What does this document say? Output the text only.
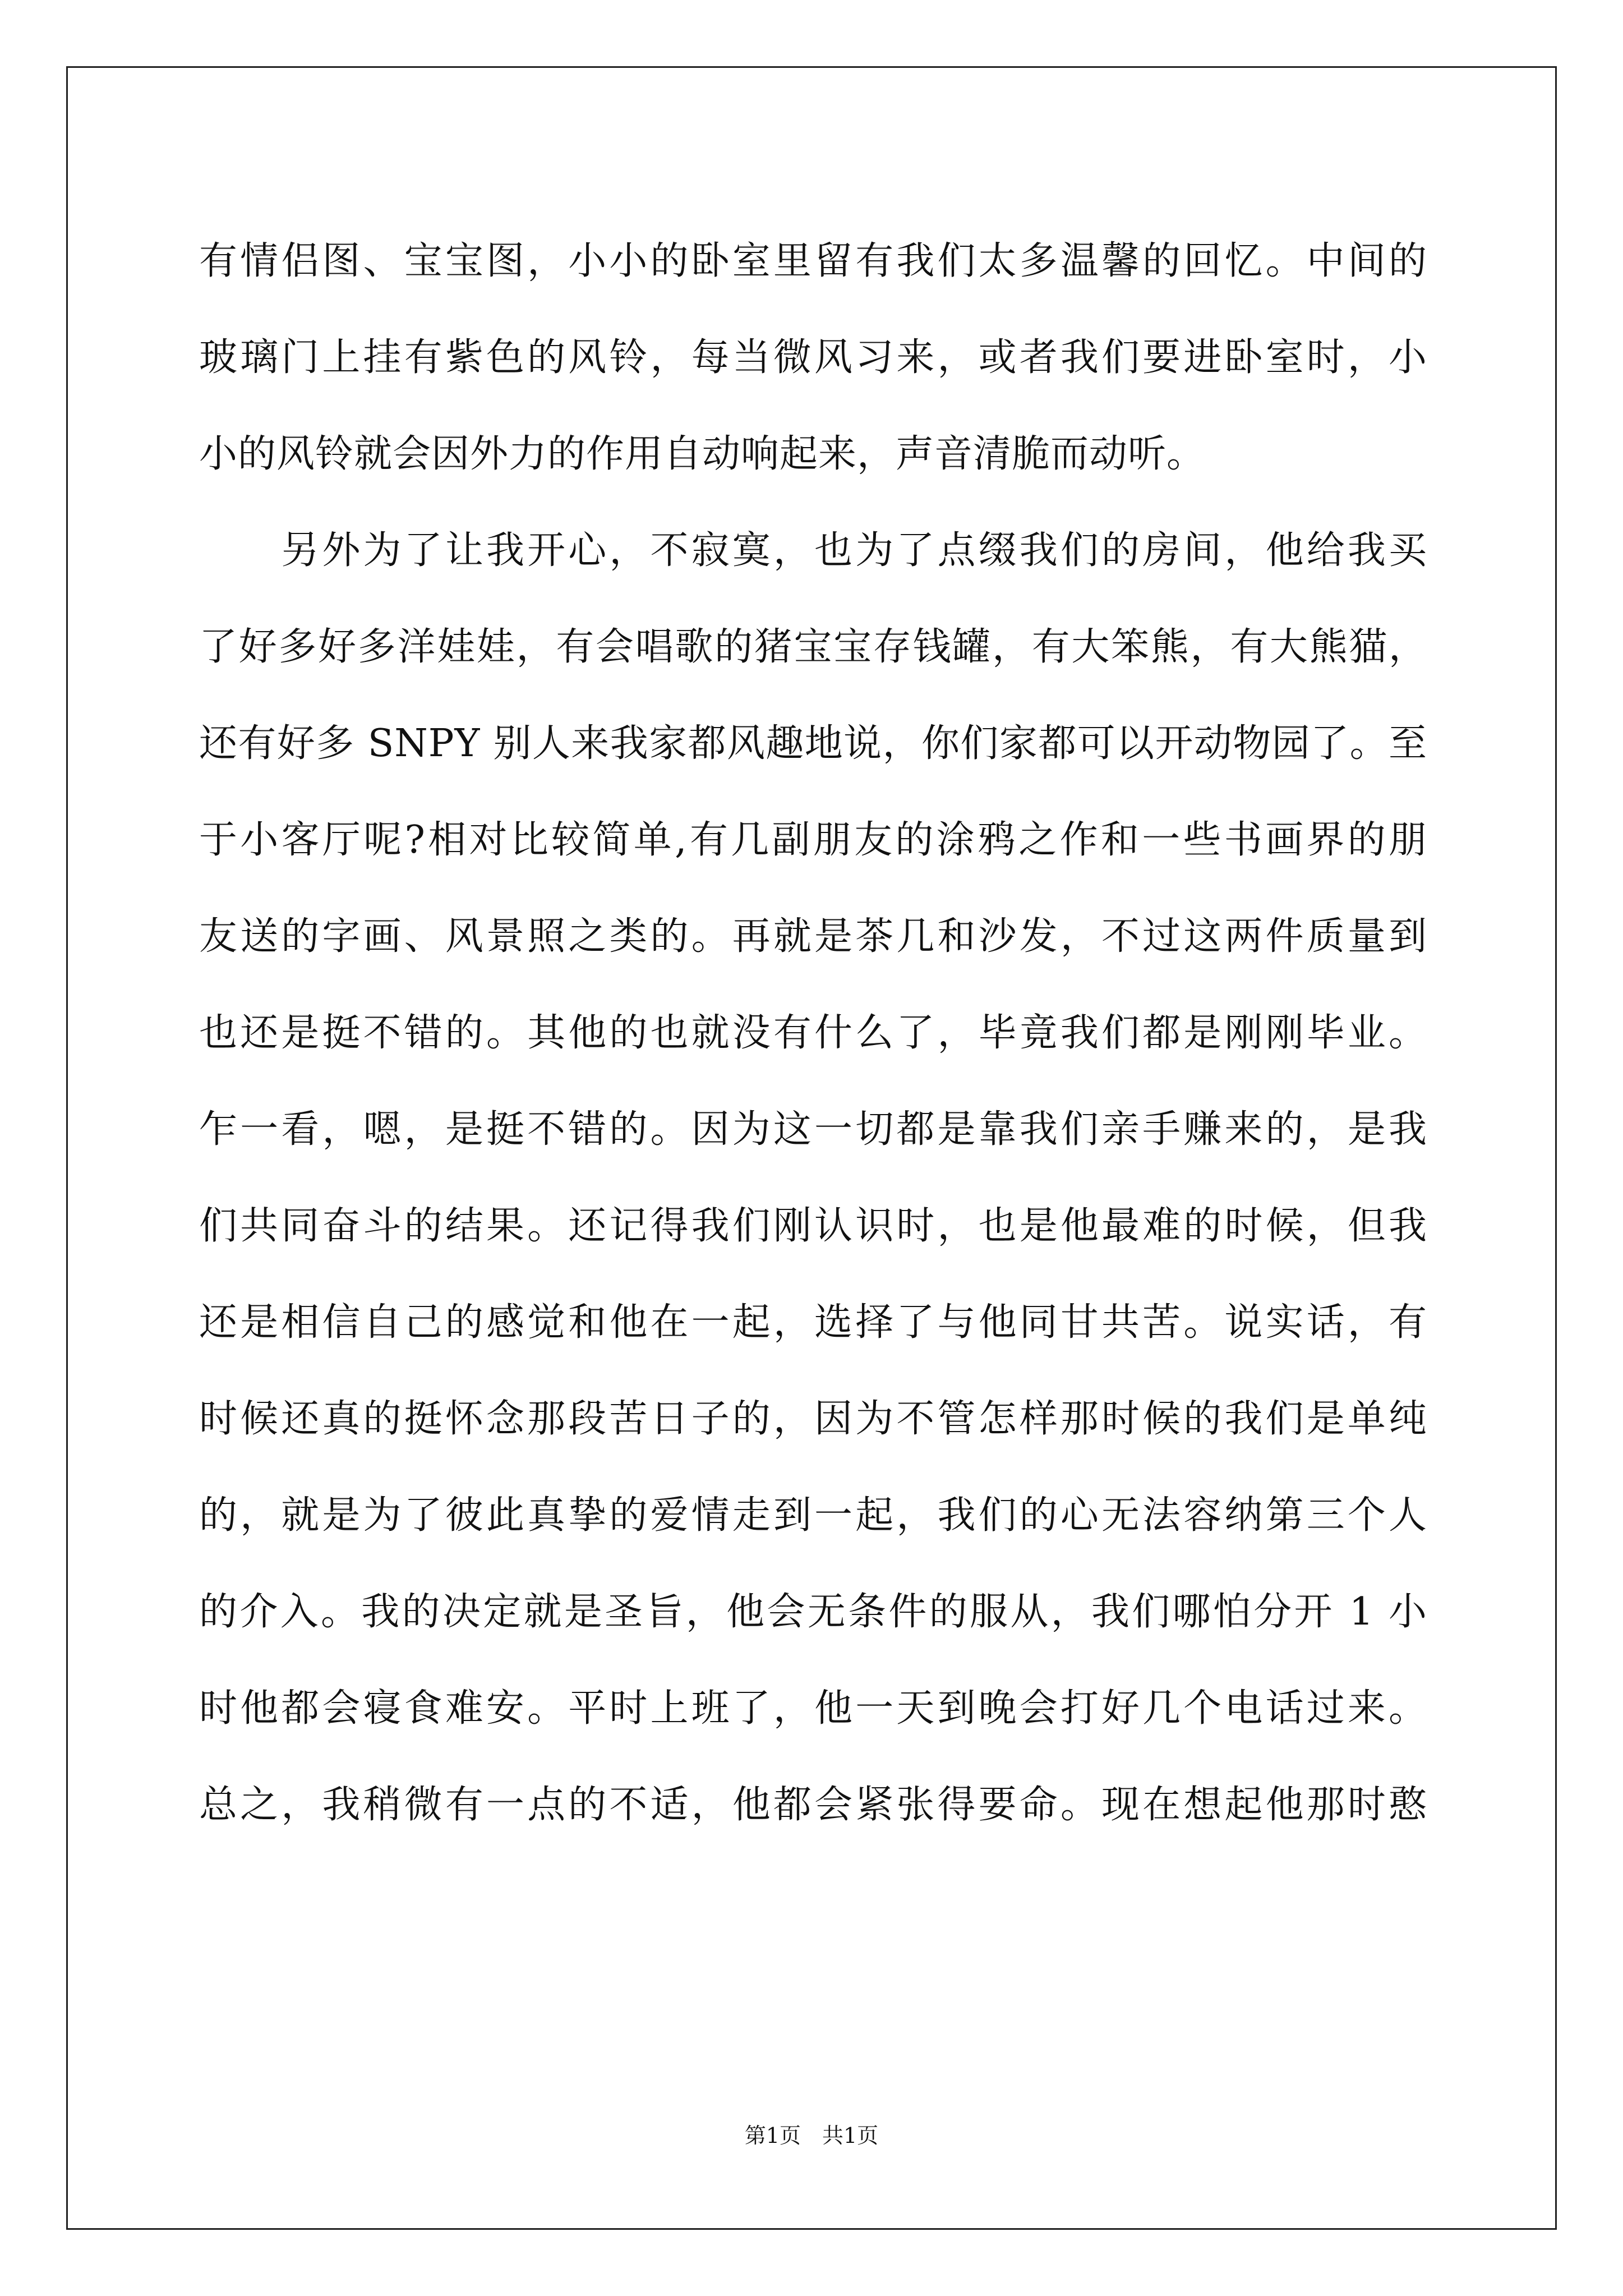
有情侣图、宝宝图，小小的卧室里留有我们太多温馨的回忆。中间的
玻璃门上挂有紫色的风铃，每当微风习来，或者我们要进卧室时，小
小的风铃就会因外力的作用自动响起来，声音清脆而动听。
　　另外为了让我开心，不寂寞，也为了点缀我们的房间，他给我买
了好多好多洋娃娃，有会唱歌的猪宝宝存钱罐，有大笨熊，有大熊猫，
还有好多 SNPY 别人来我家都风趣地说，你们家都可以开动物园了。至
于小客厅呢?相对比较简单,有几副朋友的涂鸦之作和一些书画界的朋
友送的字画、风景照之类的。再就是茶几和沙发，不过这两件质量到
也还是挺不错的。其他的也就没有什么了，毕竟我们都是刚刚毕业。
乍一看，嗯，是挺不错的。因为这一切都是靠我们亲手赚来的，是我
们共同奋斗的结果。还记得我们刚认识时，也是他最难的时候，但我
还是相信自己的感觉和他在一起，选择了与他同甘共苦。说实话，有
时候还真的挺怀念那段苦日子的，因为不管怎样那时候的我们是单纯
的，就是为了彼此真挚的爱情走到一起，我们的心无法容纳第三个人
的介入。我的决定就是圣旨，他会无条件的服从，我们哪怕分开 1 小
时他都会寝食难安。平时上班了，他一天到晚会打好几个电话过来。
总之，我稍微有一点的不适，他都会紧张得要命。现在想起他那时憨
第1页　共1页
